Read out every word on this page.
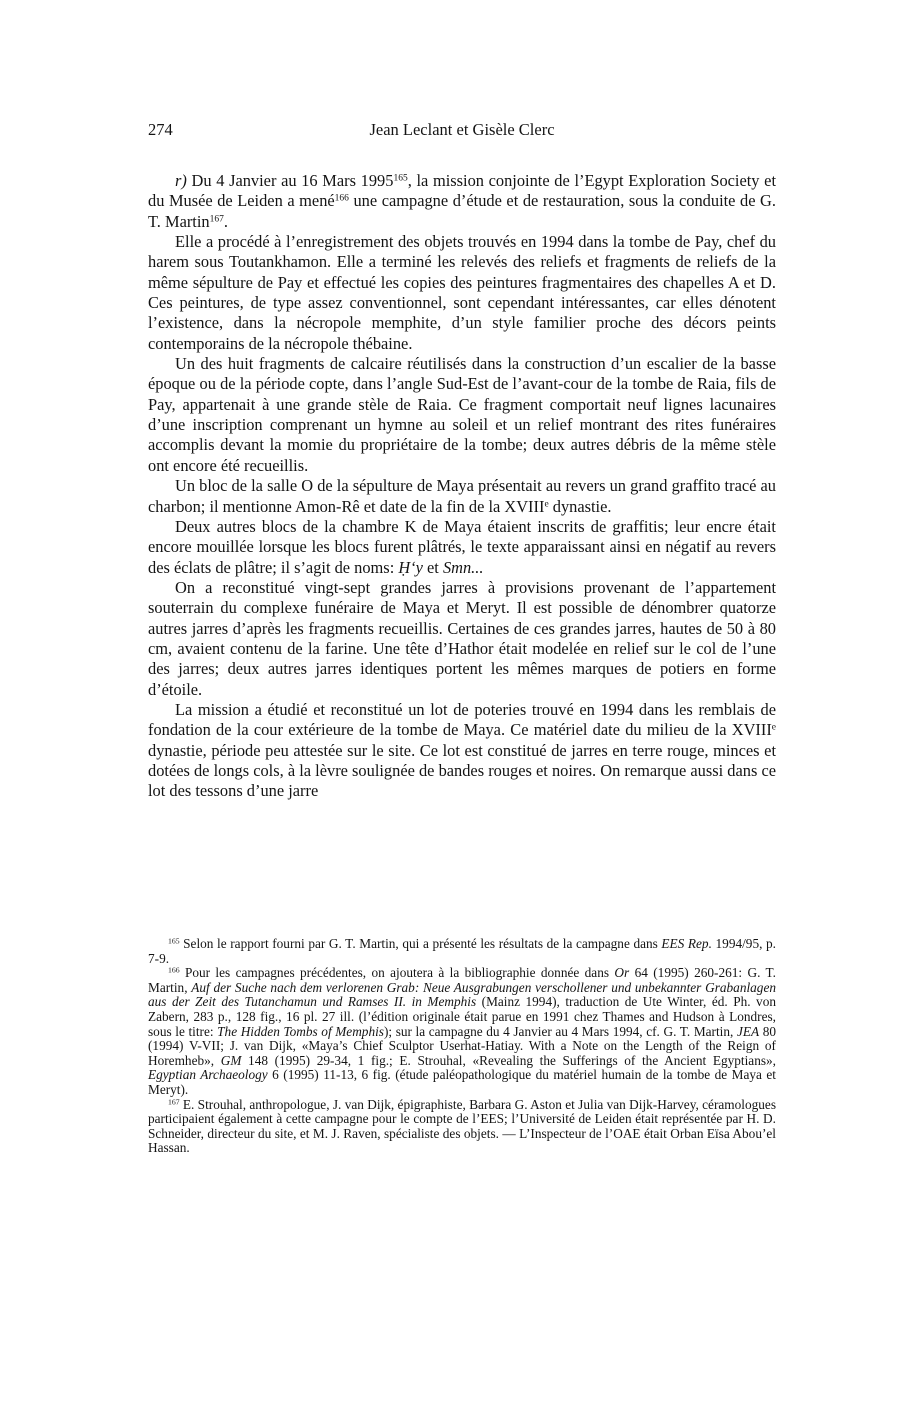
274	Jean Leclant et Gisèle Clerc

r) Du 4 Janvier au 16 Mars 1995$^{165}$, la mission conjointe de l’Egypt Exploration Society et du Musée de Leiden a mené$^{166}$ une campagne d’étude et de restauration, sous la conduite de G. T. Martin$^{167}$.

Elle a procédé à l’enregistrement des objets trouvés en 1994 dans la tombe de Pay, chef du harem sous Toutankhamon. Elle a terminé les relevés des reliefs et fragments de reliefs de la même sépulture de Pay et effectué les copies des peintures fragmentaires des chapelles A et D. Ces peintures, de type assez conventionnel, sont cependant intéressantes, car elles dénotent l’existence, dans la nécropole memphite, d’un style familier proche des décors peints contemporains de la nécropole thébaine.

Un des huit fragments de calcaire réutilisés dans la construction d’un escalier de la basse époque ou de la période copte, dans l’angle Sud-Est de l’avant-cour de la tombe de Raia, fils de Pay, appartenait à une grande stèle de Raia. Ce fragment comportait neuf lignes lacunaires d’une inscription comprenant un hymne au soleil et un relief montrant des rites funéraires accomplis devant la momie du propriétaire de la tombe; deux autres débris de la même stèle ont encore été recueillis.

Un bloc de la salle O de la sépulture de Maya présentait au revers un grand graffito tracé au charbon; il mentionne Amon-Rê et date de la fin de la XVIIIe dynastie.

Deux autres blocs de la chambre K de Maya étaient inscrits de graffitis; leur encre était encore mouillée lorsque les blocs furent plâtrés, le texte apparaissant ainsi en négatif au revers des éclats de plâtre; il s’agit de noms: Ḥ‘y et Smn...

On a reconstitué vingt-sept grandes jarres à provisions provenant de l’appartement souterrain du complexe funéraire de Maya et Meryt. Il est possible de dénombrer quatorze autres jarres d’après les fragments recueillis. Certaines de ces grandes jarres, hautes de 50 à 80 cm, avaient contenu de la farine. Une tête d’Hathor était modelée en relief sur le col de l’une des jarres; deux autres jarres identiques portent les mêmes marques de potiers en forme d’étoile.

La mission a étudié et reconstitué un lot de poteries trouvé en 1994 dans les remblais de fondation de la cour extérieure de la tombe de Maya. Ce matériel date du milieu de la XVIIIe dynastie, période peu attestée sur le site. Ce lot est constitué de jarres en terre rouge, minces et dotées de longs cols, à la lèvre soulignée de bandes rouges et noires. On remarque aussi dans ce lot des tessons d’une jarre

$^{165}$ Selon le rapport fourni par G. T. Martin, qui a présenté les résultats de la campagne dans EES Rep. 1994/95, p. 7-9.

$^{166}$ Pour les campagnes précédentes, on ajoutera à la bibliographie donnée dans Or 64 (1995) 260-261: G. T. Martin, Auf der Suche nach dem verlorenen Grab: Neue Ausgrabungen verschollener und unbekannter Grabanlagen aus der Zeit des Tutanchamun und Ramses II. in Memphis (Mainz 1994), traduction de Ute Winter, éd. Ph. von Zabern, 283 p., 128 fig., 16 pl. 27 ill. (l’édition originale était parue en 1991 chez Thames and Hudson à Londres, sous le titre: The Hidden Tombs of Memphis); sur la campagne du 4 Janvier au 4 Mars 1994, cf. G. T. Martin, JEA 80 (1994) V-VII; J. van Dijk, «Maya’s Chief Sculptor Userhat-Hatiay. With a Note on the Length of the Reign of Horemheb», GM 148 (1995) 29-34, 1 fig.; E. Strouhal, «Revealing the Sufferings of the Ancient Egyptians», Egyptian Archaeology 6 (1995) 11-13, 6 fig. (étude paléopathologique du matériel humain de la tombe de Maya et Meryt).

$^{167}$ E. Strouhal, anthropologue, J. van Dijk, épigraphiste, Barbara G. Aston et Julia van Dijk-Harvey, céramologues participaient également à cette campagne pour le compte de l’EES; l’Université de Leiden était représentée par H. D. Schneider, directeur du site, et M. J. Raven, spécialiste des objets. — L’Inspecteur de l’OAE était Orban Eïsa Abou’el Hassan.
